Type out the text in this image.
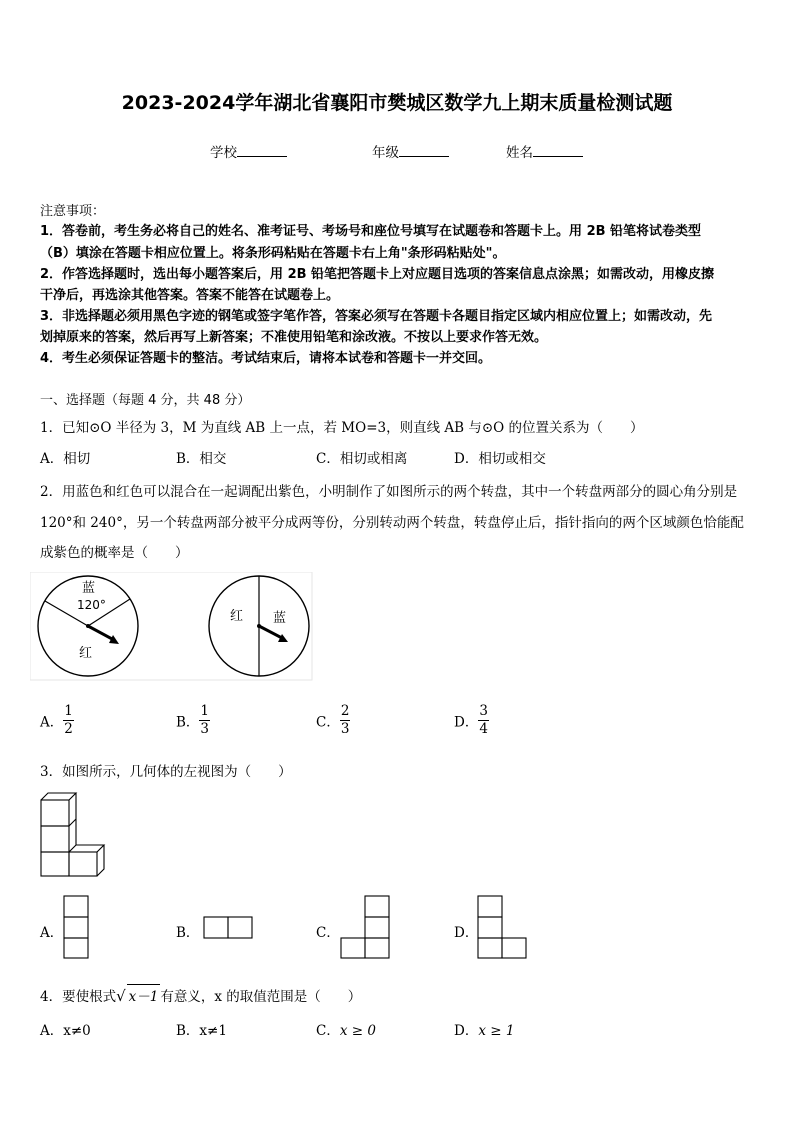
2023-2024学年湖北省襄阳市樊城区数学九上期末质量检测试题
学校	年级	姓名
注意事项：
1．答卷前，考生务必将自己的姓名、准考证号、考场号和座位号填写在试题卷和答题卡上。用 2B 铅笔将试卷类型
（B）填涂在答题卡相应位置上。将条形码粘贴在答题卡右上角"条形码粘贴处"。
2．作答选择题时，选出每小题答案后，用 2B 铅笔把答题卡上对应题目选项的答案信息点涂黑；如需改动，用橡皮擦
干净后，再选涂其他答案。答案不能答在试题卷上。
3．非选择题必须用黑色字迹的钢笔或签字笔作答，答案必须写在答题卡各题目指定区域内相应位置上；如需改动，先
划掉原来的答案，然后再写上新答案；不准使用铅笔和涂改液。不按以上要求作答无效。
4．考生必须保证答题卡的整洁。考试结束后，请将本试卷和答题卡一并交回。
一、选择题（每题 4 分，共 48 分）
1．已知⊙O 半径为 3，M 为直线 AB 上一点，若 MO=3，则直线 AB 与⊙O 的位置关系为（　　）
A．相切	B．相交	C．相切或相离	D．相切或相交
2．用蓝色和红色可以混合在一起调配出紫色，小明制作了如图所示的两个转盘，其中一个转盘两部分的圆心角分别是
120°和 240°，另一个转盘两部分被平分成两等份，分别转动两个转盘，转盘停止后，指针指向的两个区域颜色恰能配
成紫色的概率是（　　）
蓝
120°
红
红 蓝
A． $\frac{1}{2}$	B． $\frac{1}{3}$	C． $\frac{2}{3}$	D． $\frac{3}{4}$
3．如图所示，几何体的左视图为（　　）
A．	B．	C．	D．
4．要使根式√ x－1 有意义，x 的取值范围是（　　）
A．x≠0	B．x≠1	C．x ≥ 0	D．x ≥ 1
